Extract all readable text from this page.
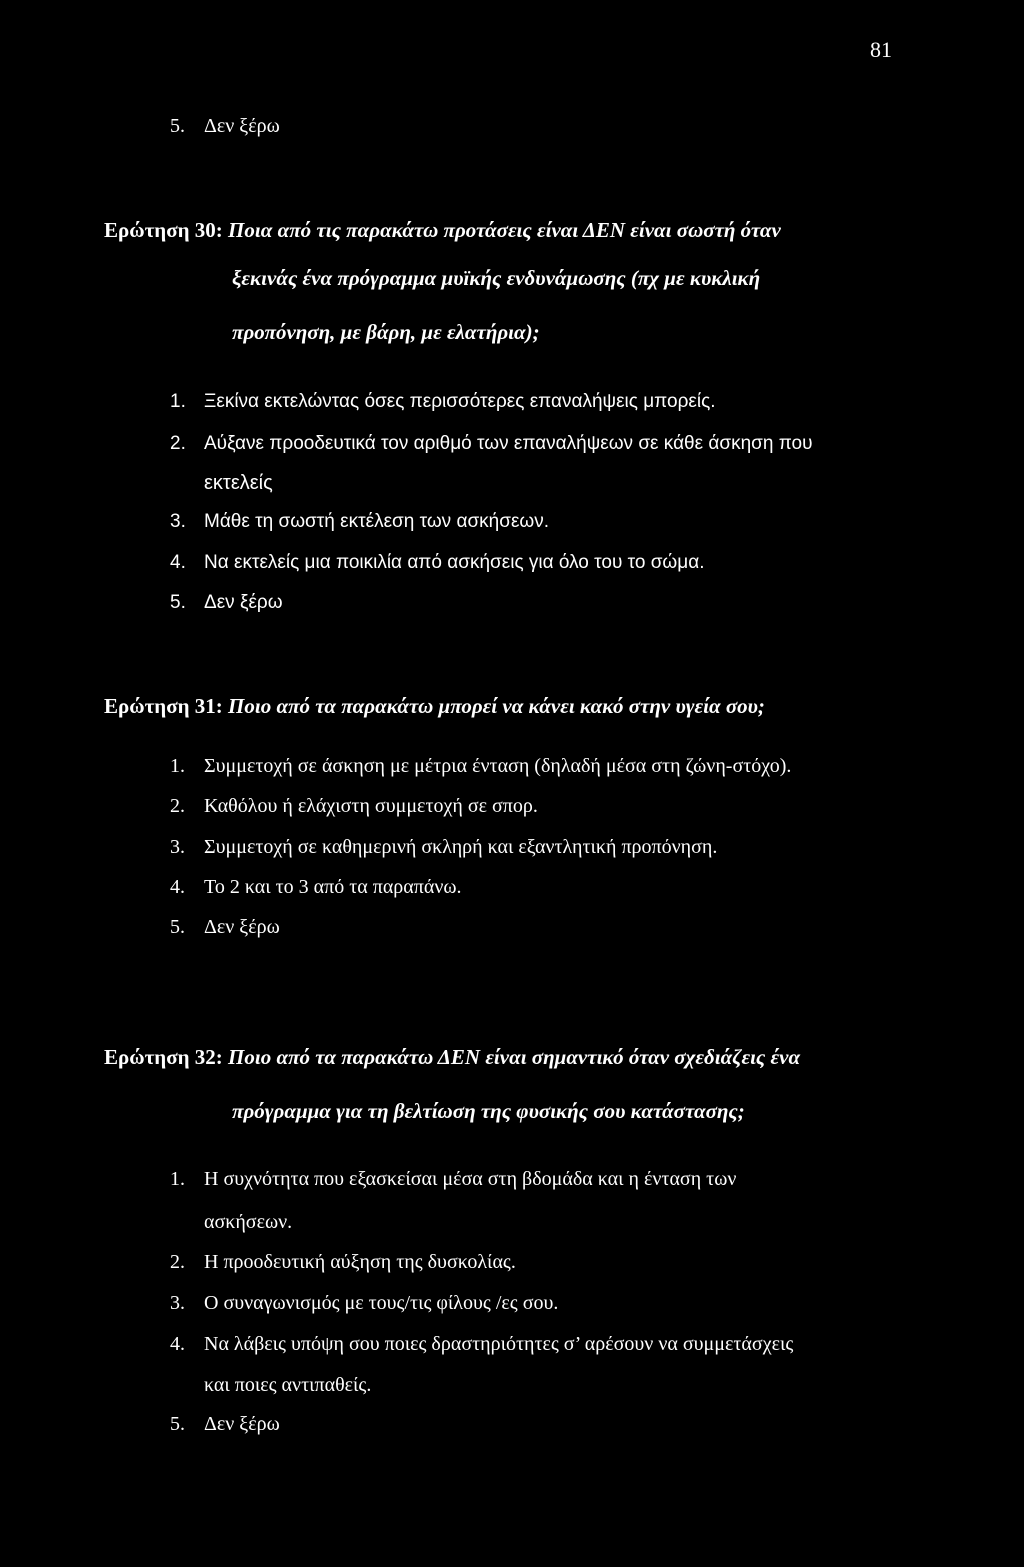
81
5. Δεν ξέρω
Ερώτηση 30: Ποια από τις παρακάτω προτάσεις είναι ΔΕΝ είναι σωστή όταν
ξεκινάς ένα πρόγραμμα μυϊκής ενδυνάμωσης (πχ με κυκλική
προπόνηση, με βάρη, με ελατήρια);
1. Ξεκίνα εκτελώντας όσες περισσότερες επαναλήψεις μπορείς.
2. Αύξανε προοδευτικά τον αριθμό των επαναλήψεων σε κάθε άσκηση που
εκτελείς
3. Μάθε τη σωστή εκτέλεση των ασκήσεων.
4. Να εκτελείς μια ποικιλία από ασκήσεις για όλο του το σώμα.
5. Δεν ξέρω
Ερώτηση 31: Ποιο από τα παρακάτω μπορεί να κάνει κακό στην υγεία σου;
1. Συμμετοχή σε άσκηση με μέτρια ένταση (δηλαδή μέσα στη ζώνη-στόχο).
2. Καθόλου ή ελάχιστη συμμετοχή σε σπορ.
3. Συμμετοχή σε καθημερινή σκληρή και εξαντλητική προπόνηση.
4. Το 2 και το 3 από τα παραπάνω.
5. Δεν ξέρω
Ερώτηση 32: Ποιο από τα παρακάτω ΔΕΝ είναι σημαντικό όταν σχεδιάζεις ένα
πρόγραμμα για τη βελτίωση της φυσικής σου κατάστασης;
1. Η συχνότητα που εξασκείσαι μέσα στη βδομάδα και η ένταση των
ασκήσεων.
2. Η προοδευτική αύξηση της δυσκολίας.
3. Ο συναγωνισμός με τους/τις φίλους /ες σου.
4. Να λάβεις υπόψη σου ποιες δραστηριότητες σ’ αρέσουν να συμμετάσχεις
και ποιες αντιπαθείς.
5. Δεν ξέρω
